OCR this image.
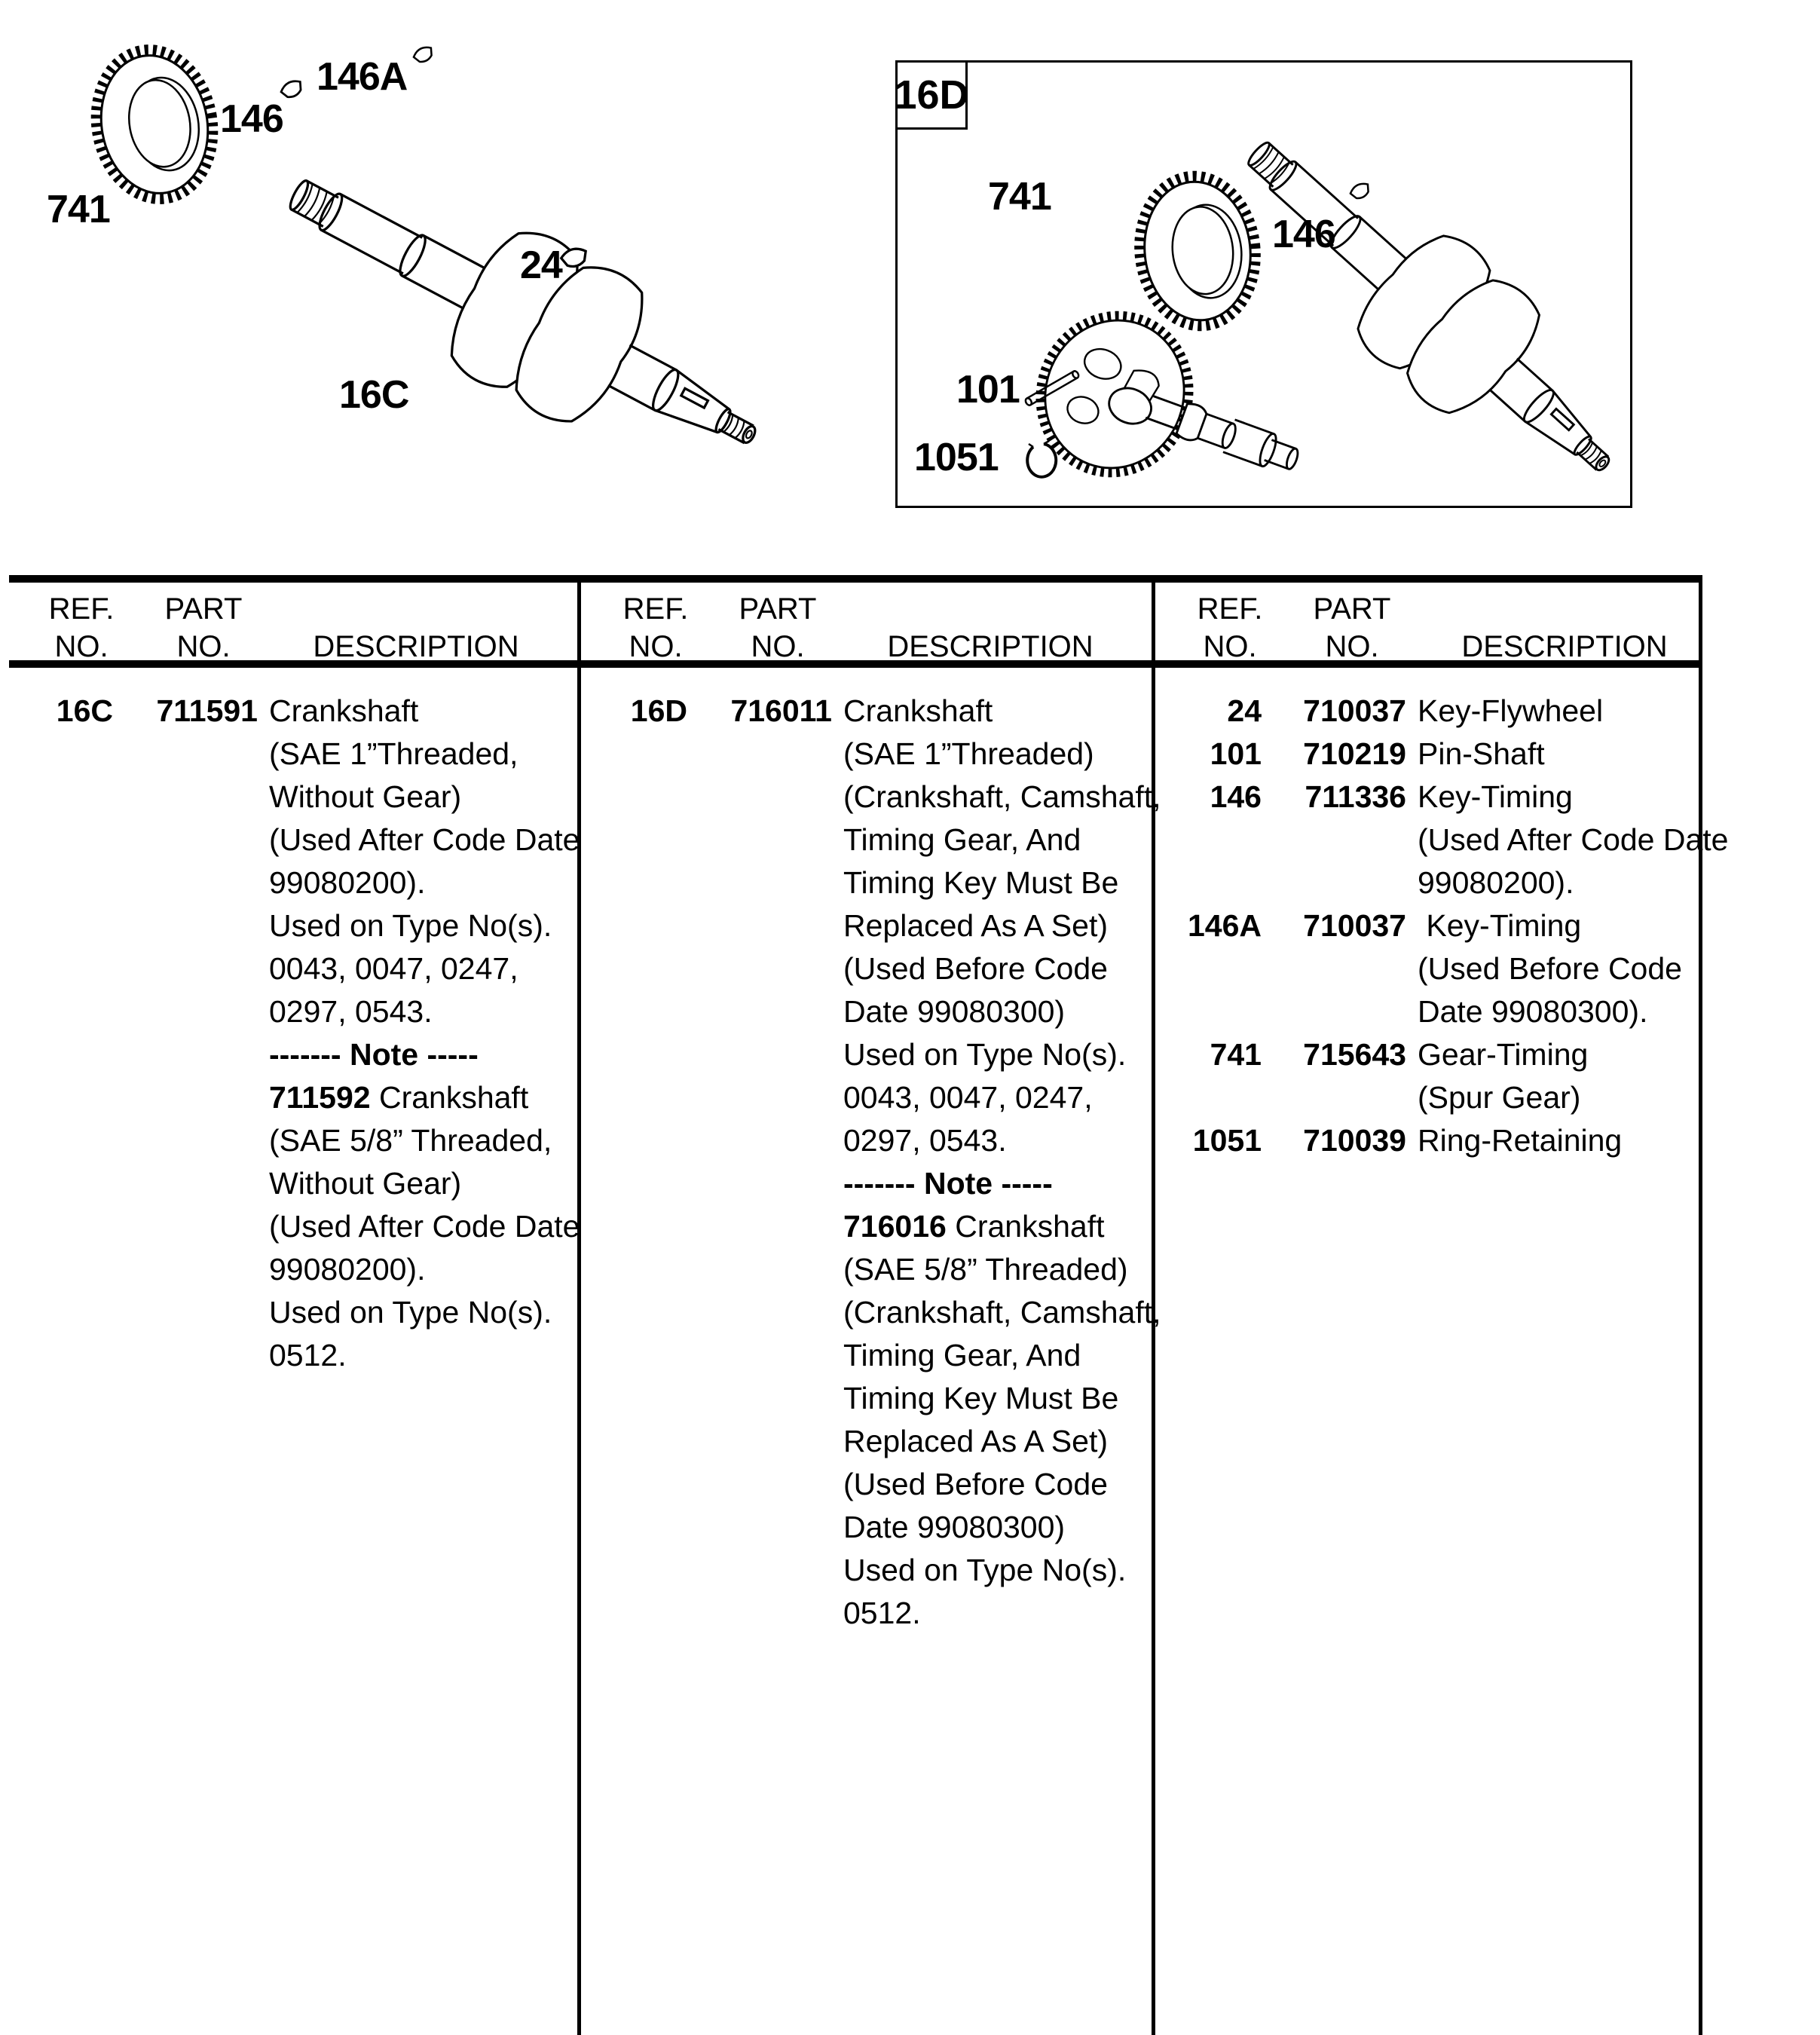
741
146
146A
24
16C
16D
741
146
101
1051
REF.
NO.
PART
NO.	DESCRIPTION
16C	711591 Crankshaft
(SAE 1”Threaded,
Without Gear)
(Used After Code Date
99080200).
Used on Type No(s).
0043, 0047, 0247,
0297, 0543.
------- Note -----
711592 Crankshaft
(SAE 5/8” Threaded,
Without Gear)
(Used After Code Date
99080200).
Used on Type No(s).
0512.
REF.
NO.
PART
NO.	DESCRIPTION
16D	716011 Crankshaft
(SAE 1”Threaded)
(Crankshaft, Camshaft,
Timing Gear, And
Timing Key Must Be
Replaced As A Set)
(Used Before Code
Date 99080300)
Used on Type No(s).
0043, 0047, 0247,
0297, 0543.
------- Note -----
716016 Crankshaft
(SAE 5/8” Threaded)
(Crankshaft, Camshaft,
Timing Gear, And
Timing Key Must Be
Replaced As A Set)
(Used Before Code
Date 99080300)
Used on Type No(s).
0512.
REF.
NO.
PART
NO.	DESCRIPTION
24	710037 Key-Flywheel
101	710219 Pin-Shaft
146	711336 Key-Timing
(Used After Code Date
99080200).
146A	710037 Key-Timing
(Used Before Code
Date 99080300).
741	715643 Gear-Timing
(Spur Gear)
1051	710039 Ring-Retaining
